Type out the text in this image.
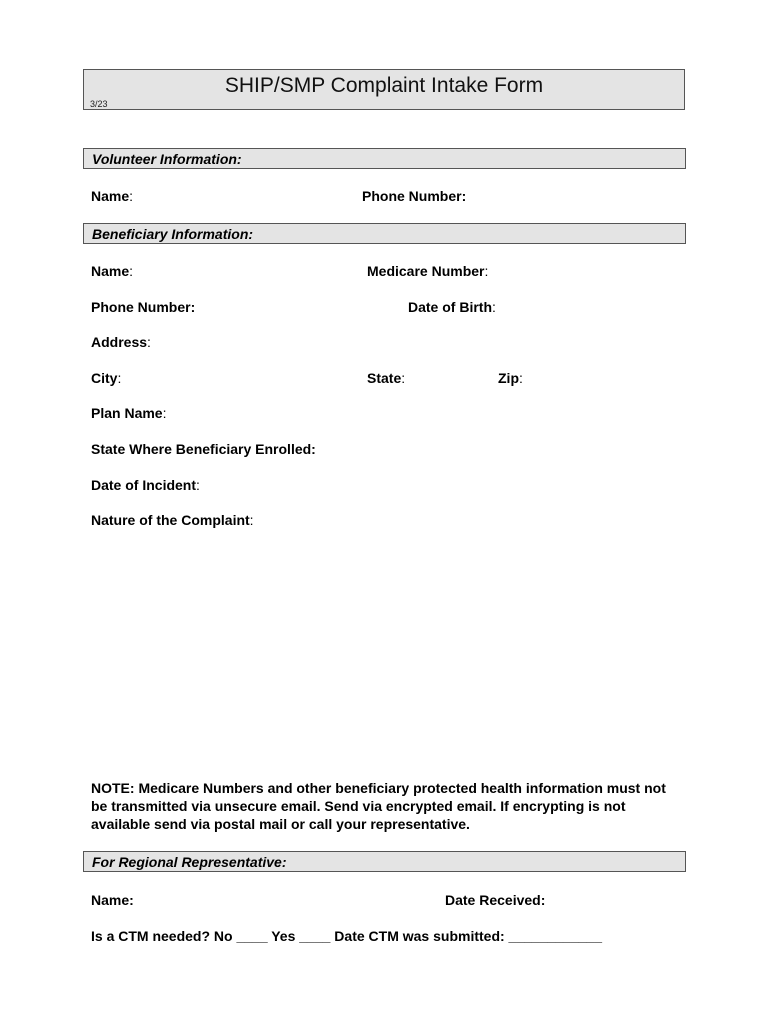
SHIP/SMP Complaint Intake Form
3/23
Volunteer Information:
Name:	Phone Number:
Beneficiary Information:
Name:	Medicare Number:
Phone Number:	Date of Birth:
Address:
City:	State:	Zip:
Plan Name:
State Where Beneficiary Enrolled:
Date of Incident:
Nature of the Complaint:
NOTE: Medicare Numbers and other beneficiary protected health information must not be transmitted via unsecure email. Send via encrypted email. If encrypting is not available send via postal mail or call your representative.
For Regional Representative:
Name:	Date Received:
Is a CTM needed? No ____ Yes ____ Date CTM was submitted: ____________
